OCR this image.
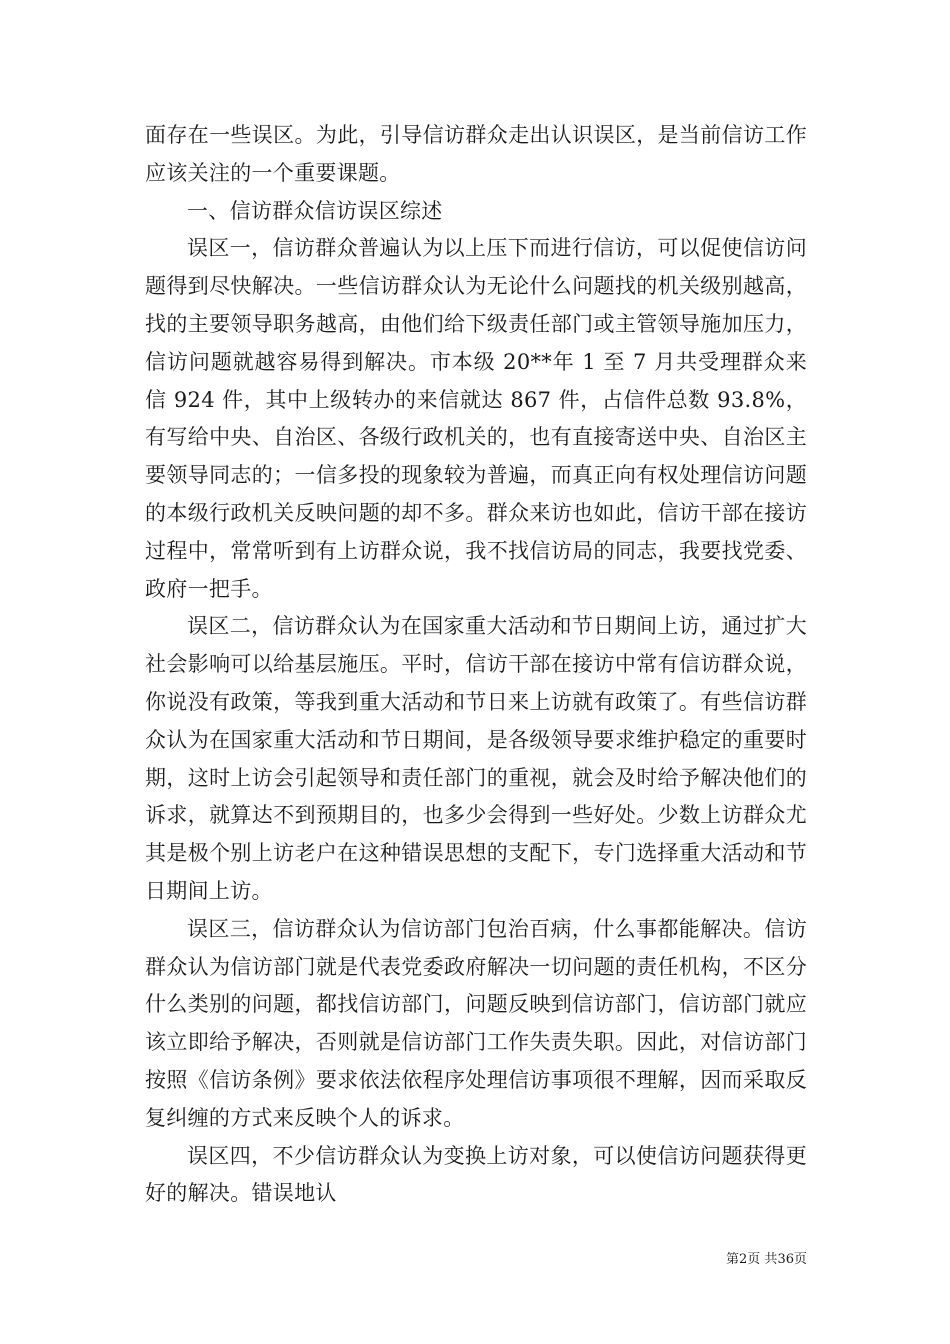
面存在一些误区。为此，引导信访群众走出认识误区，是当前信访工作应该关注的一个重要课题。

一、信访群众信访误区综述

误区一，信访群众普遍认为以上压下而进行信访，可以促使信访问题得到尽快解决。一些信访群众认为无论什么问题找的机关级别越高，找的主要领导职务越高，由他们给下级责任部门或主管领导施加压力，信访问题就越容易得到解决。市本级 20**年 1 至 7 月共受理群众来信 924 件，其中上级转办的来信就达 867 件，占信件总数 93.8%，有写给中央、自治区、各级行政机关的，也有直接寄送中央、自治区主要领导同志的；一信多投的现象较为普遍，而真正向有权处理信访问题的本级行政机关反映问题的却不多。群众来访也如此，信访干部在接访过程中，常常听到有上访群众说，我不找信访局的同志，我要找党委、政府一把手。

误区二，信访群众认为在国家重大活动和节日期间上访，通过扩大社会影响可以给基层施压。平时，信访干部在接访中常有信访群众说，你说没有政策，等我到重大活动和节日来上访就有政策了。有些信访群众认为在国家重大活动和节日期间，是各级领导要求维护稳定的重要时期，这时上访会引起领导和责任部门的重视，就会及时给予解决他们的诉求，就算达不到预期目的，也多少会得到一些好处。少数上访群众尤其是极个别上访老户在这种错误思想的支配下，专门选择重大活动和节日期间上访。

误区三，信访群众认为信访部门包治百病，什么事都能解决。信访群众认为信访部门就是代表党委政府解决一切问题的责任机构，不区分什么类别的问题，都找信访部门，问题反映到信访部门，信访部门就应该立即给予解决，否则就是信访部门工作失责失职。因此，对信访部门按照《信访条例》要求依法依程序处理信访事项很不理解，因而采取反复纠缠的方式来反映个人的诉求。

误区四，不少信访群众认为变换上访对象，可以使信访问题获得更好的解决。错误地认

第2页 共36页
